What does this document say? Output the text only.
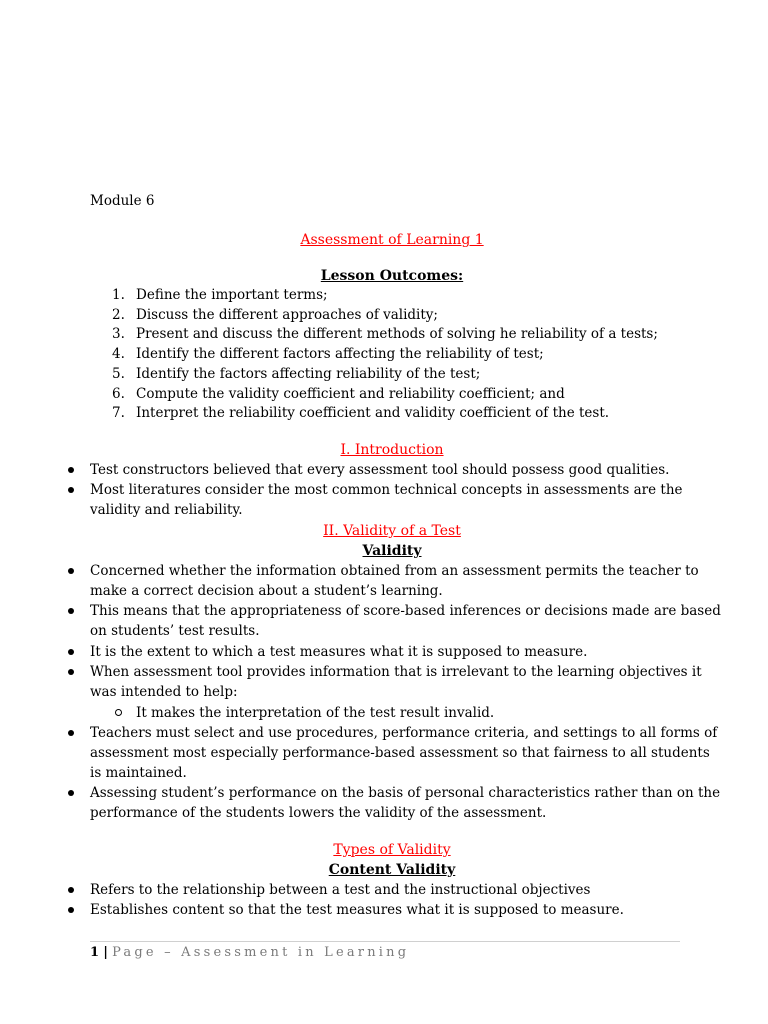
Module 6

Assessment of Learning 1

Lesson Outcomes:

1. Define the important terms;
2. Discuss the different approaches of validity;
3. Present and discuss the different methods of solving he reliability of a tests;
4. Identify the different factors affecting the reliability of test;
5. Identify the factors affecting reliability of the test;
6. Compute the validity coefficient and reliability coefficient; and
7. Interpret the reliability coefficient and validity coefficient of the test.

I. Introduction

Test constructors believed that every assessment tool should possess good qualities.
Most literatures consider the most common technical concepts in assessments are the validity and reliability.

II. Validity of a Test

Validity

Concerned whether the information obtained from an assessment permits the teacher to make a correct decision about a student’s learning.
This means that the appropriateness of score-based inferences or decisions made are based on students’ test results.
It is the extent to which a test measures what it is supposed to measure.
When assessment tool provides information that is irrelevant to the learning objectives it was intended to help:
It makes the interpretation of the test result invalid.
Teachers must select and use procedures, performance criteria, and settings to all forms of assessment most especially performance-based assessment so that fairness to all students is maintained.
Assessing student’s performance on the basis of personal characteristics rather than on the performance of the students lowers the validity of the assessment.

Types of Validity

Content Validity

Refers to the relationship between a test and the instructional objectives
Establishes content so that the test measures what it is supposed to measure.
1 | Page – Assessment in Learning
